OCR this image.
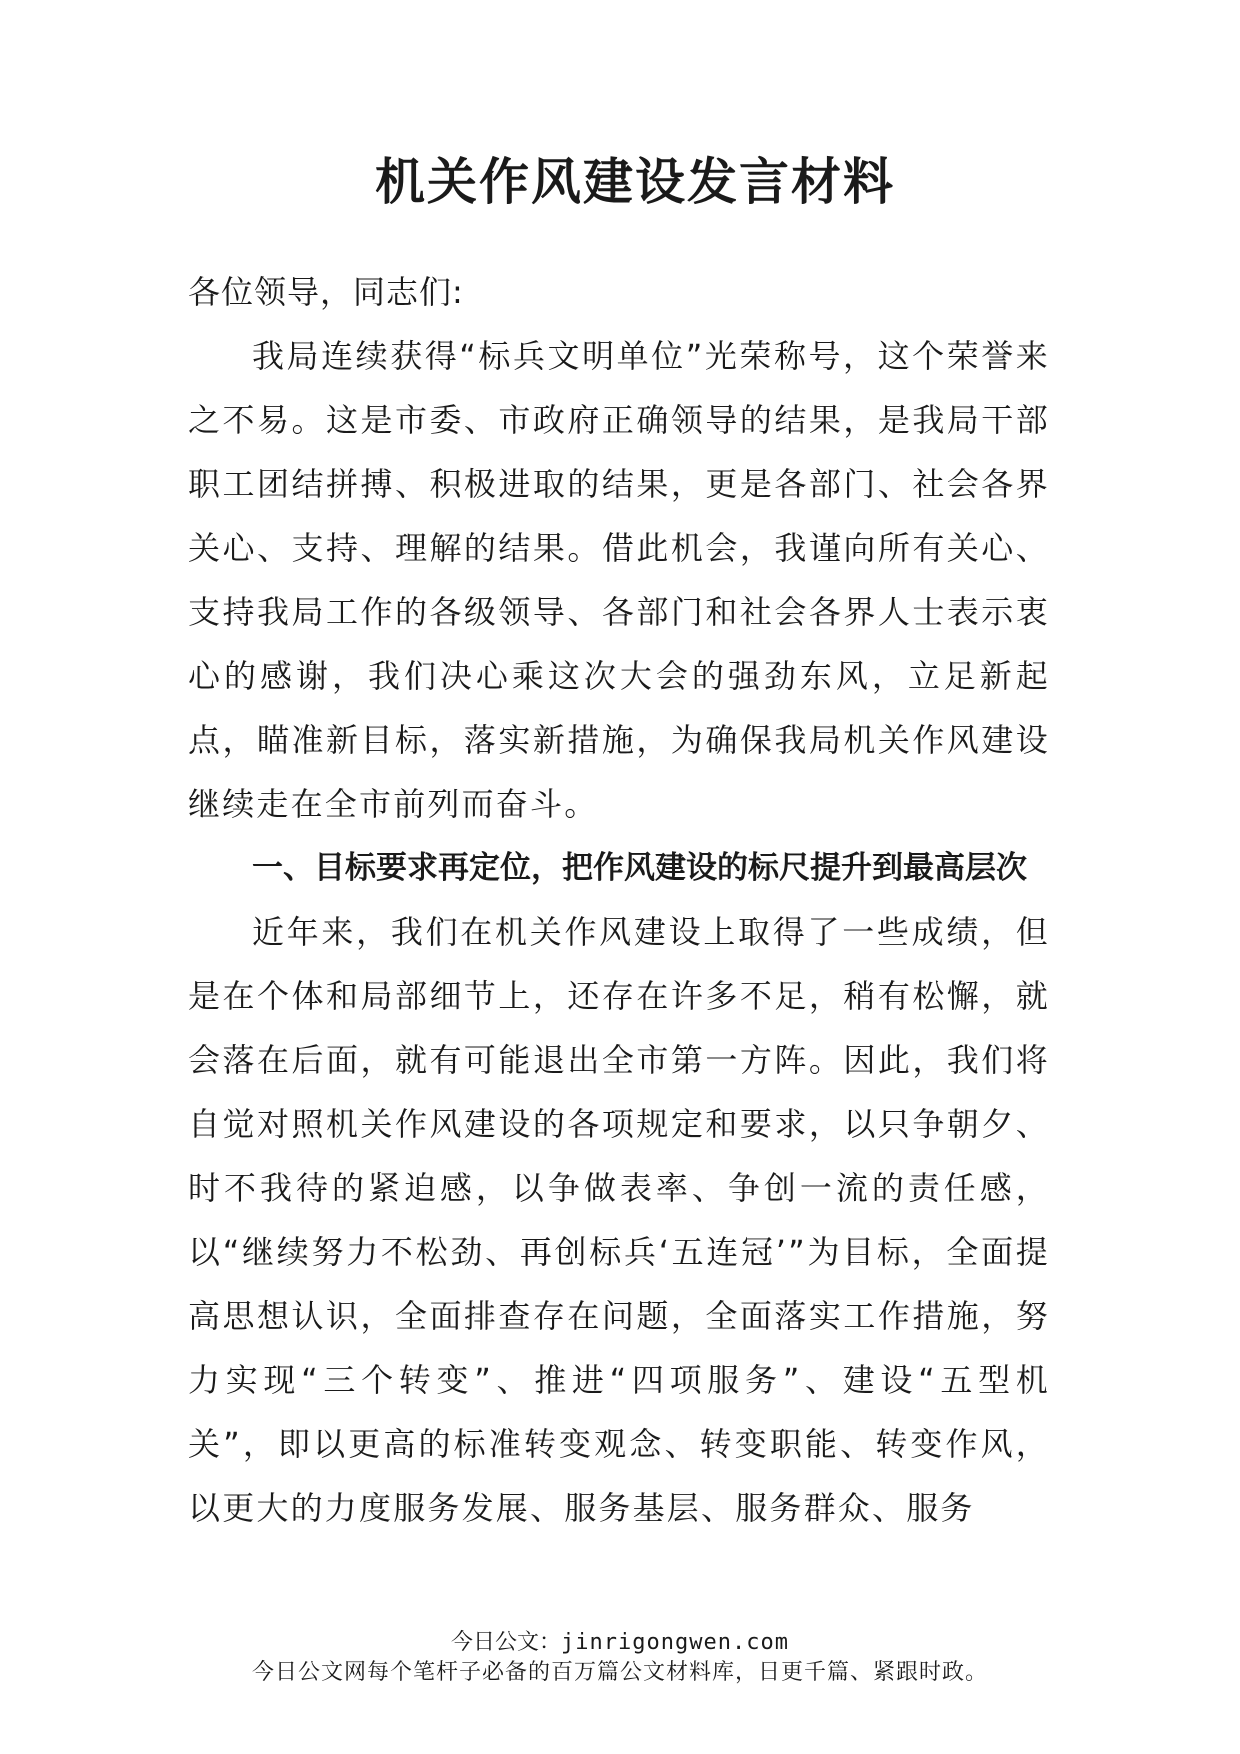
机关作风建设发言材料

各位领导，同志们:

我局连续获得“标兵文明单位”光荣称号，这个荣誉来之不易。这是市委、市政府正确领导的结果，是我局干部职工团结拼搏、积极进取的结果，更是各部门、社会各界关心、支持、理解的结果。借此机会，我谨向所有关心、支持我局工作的各级领导、各部门和社会各界人士表示衷心的感谢，我们决心乘这次大会的强劲东风，立足新起点，瞄准新目标，落实新措施，为确保我局机关作风建设继续走在全市前列而奋斗。

一、目标要求再定位，把作风建设的标尺提升到最高层次

近年来，我们在机关作风建设上取得了一些成绩，但是在个体和局部细节上，还存在许多不足，稍有松懈，就会落在后面，就有可能退出全市第一方阵。因此，我们将自觉对照机关作风建设的各项规定和要求，以只争朝夕、时不我待的紧迫感，以争做表率、争创一流的责任感，以“继续努力不松劲、再创标兵‘五连冠’”为目标，全面提高思想认识，全面排查存在问题，全面落实工作措施，努力实现“三个转变”、推进“四项服务”、建设“五型机关”，即以更高的标准转变观念、转变职能、转变作风，以更大的力度服务发展、服务基层、服务群众、服务

今日公文：jinrigongwen.com
今日公文网每个笔杆子必备的百万篇公文材料库，日更千篇、紧跟时政。
